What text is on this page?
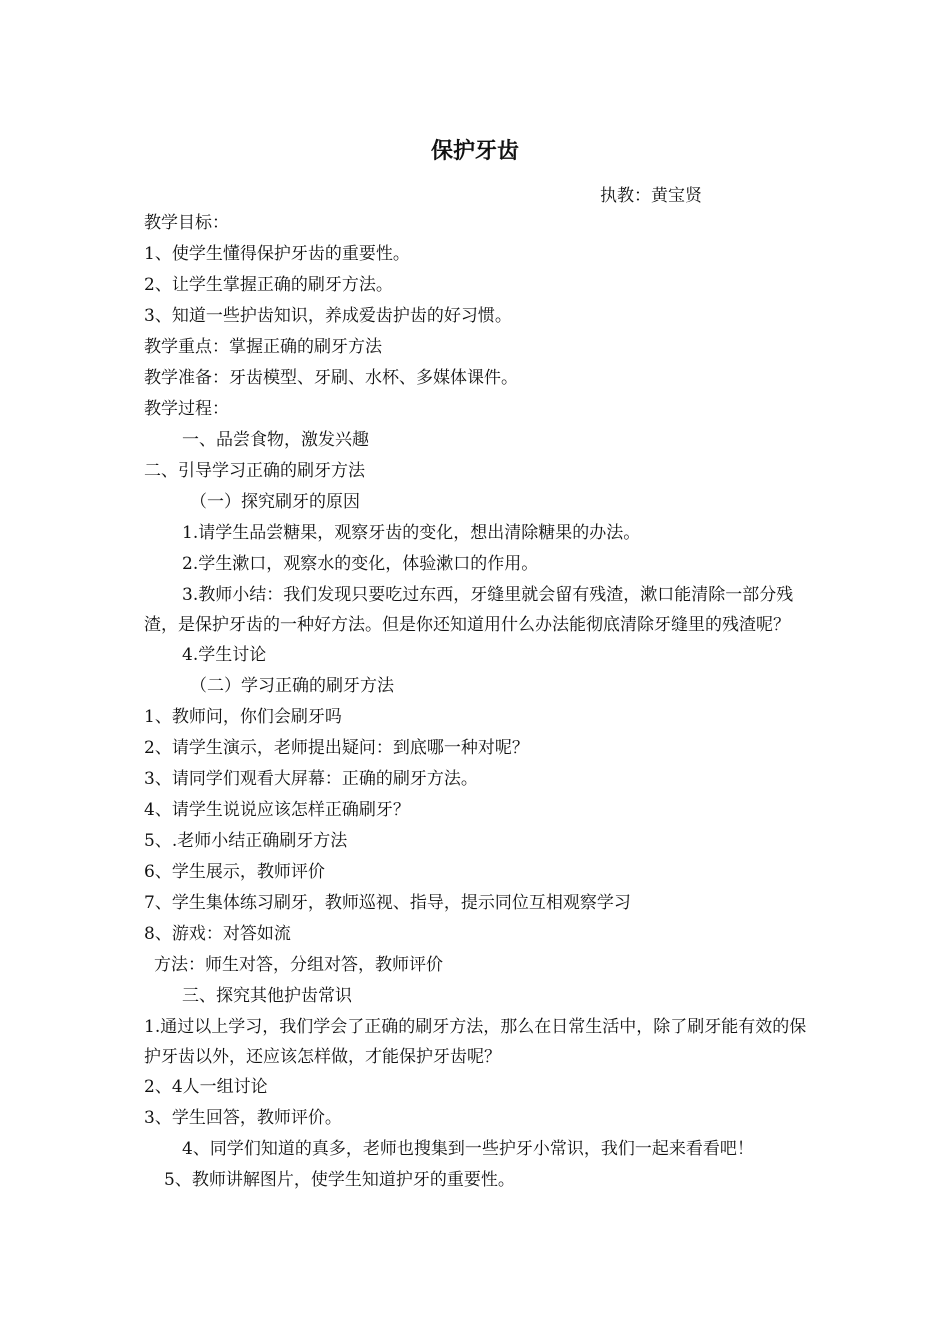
保护牙齿
执教：黄宝贤

教学目标：

1、使学生懂得保护牙齿的重要性。

2、让学生掌握正确的刷牙方法。

3、知道一些护齿知识，养成爱齿护齿的好习惯。

教学重点：掌握正确的刷牙方法

教学准备：牙齿模型、牙刷、水杯、多媒体课件。

教学过程：

一、品尝食物，激发兴趣

二、引导学习正确的刷牙方法

（一）探究刷牙的原因

1.请学生品尝糖果，观察牙齿的变化，想出清除糖果的办法。

2.学生漱口，观察水的变化，体验漱口的作用。

3.教师小结：我们发现只要吃过东西，牙缝里就会留有残渣，漱口能清除一部分残渣，是保护牙齿的一种好方法。但是你还知道用什么办法能彻底清除牙缝里的残渣呢？

4.学生讨论

（二）学习正确的刷牙方法

1、教师问，你们会刷牙吗

2、请学生演示，老师提出疑问：到底哪一种对呢？

3、请同学们观看大屏幕：正确的刷牙方法。

4、请学生说说应该怎样正确刷牙？

5、.老师小结正确刷牙方法

6、学生展示，教师评价

7、学生集体练习刷牙，教师巡视、指导，提示同位互相观察学习

8、游戏：对答如流

方法：师生对答，分组对答，教师评价

三、探究其他护齿常识

1.通过以上学习，我们学会了正确的刷牙方法，那么在日常生活中，除了刷牙能有效的保护牙齿以外，还应该怎样做，才能保护牙齿呢？

2、4人一组讨论

3、学生回答，教师评价。

4、同学们知道的真多，老师也搜集到一些护牙小常识，我们一起来看看吧！

5、教师讲解图片，使学生知道护牙的重要性。
